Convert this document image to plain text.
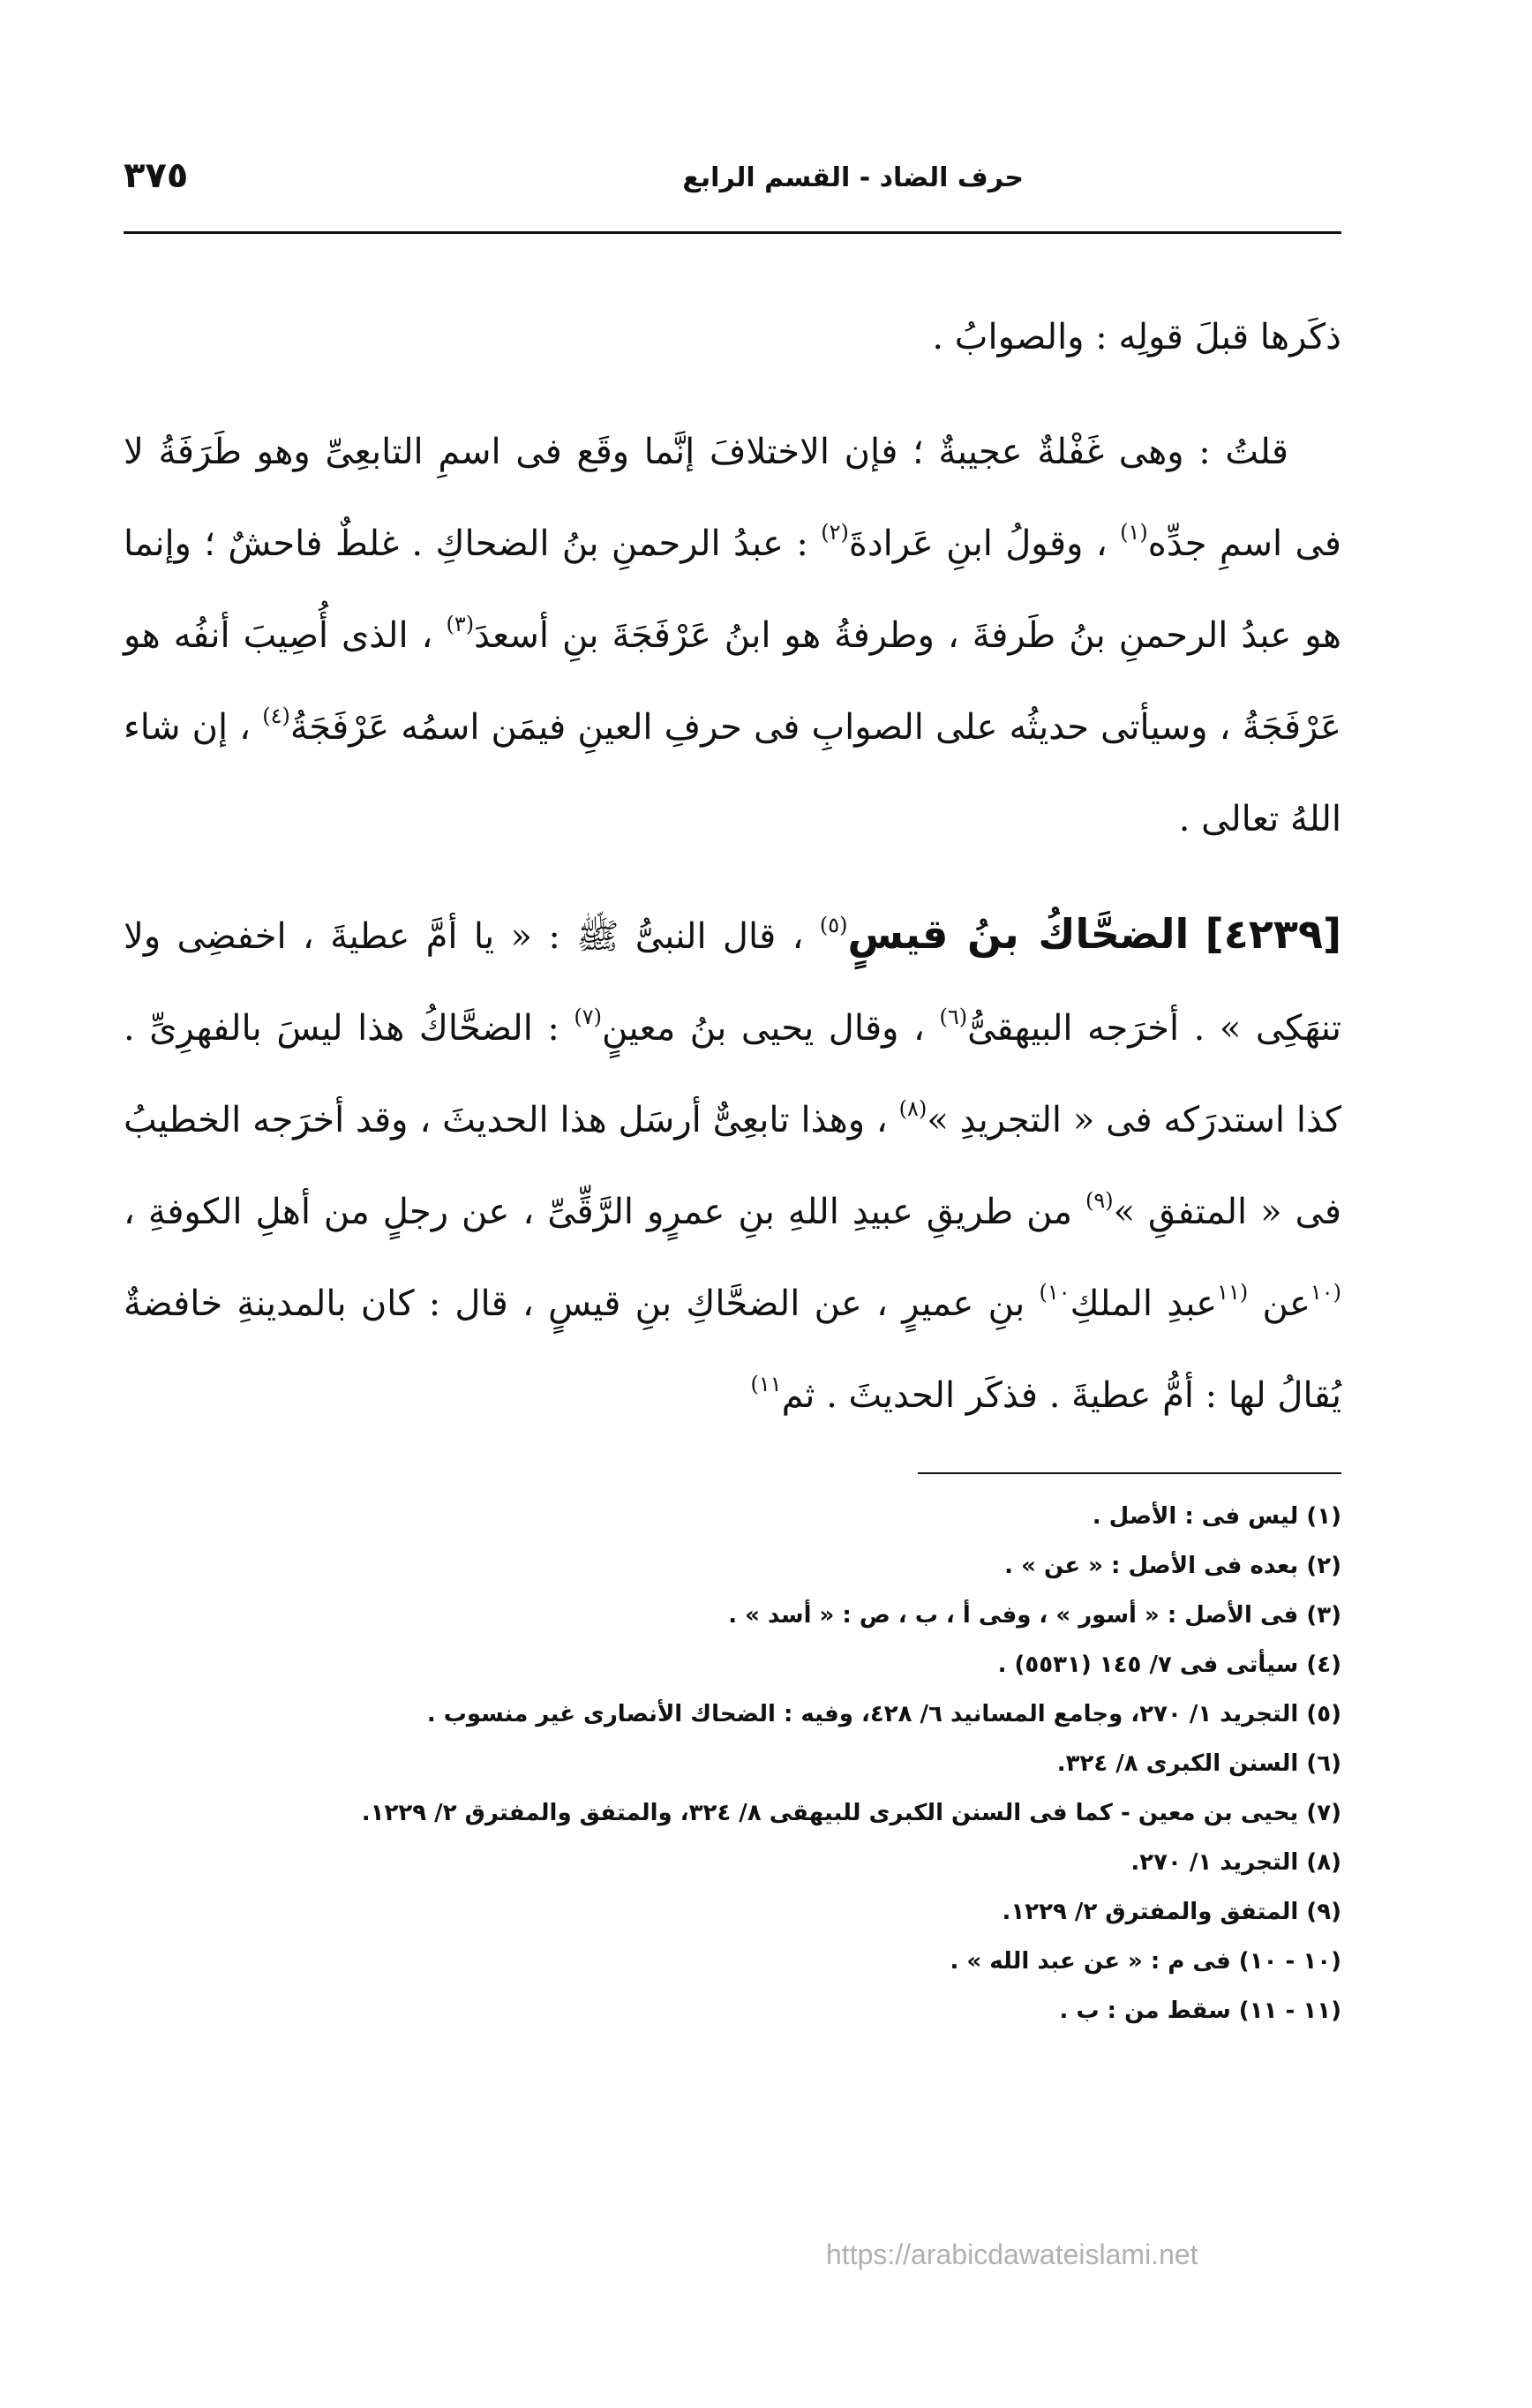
حرف الضاد - القسم الرابع
٣٧٥

ذكَرها قبلَ قولِه : والصوابُ .

قلتُ : وهى غَفْلةٌ عجيبةٌ ؛ فإن الاختلافَ إنَّما وقَع فى اسمِ التابعِىِّ وهو طَرَفَةُ لا فى اسمِ جدِّه$^{(١)}$ ، وقولُ ابنِ عَرادةَ$^{(٢)}$ : عبدُ الرحمنِ بنُ الضحاكِ . غلطٌ فاحشٌ ؛ وإنما هو عبدُ الرحمنِ بنُ طَرفةَ ، وطرفةُ هو ابنُ عَرْفَجَةَ بنِ أسعدَ$^{(٣)}$ ، الذى أُصِيبَ أنفُه هو عَرْفَجَةُ ، وسيأتى حديثُه على الصوابِ فى حرفِ العينِ فيمَن اسمُه عَرْفَجَةُ$^{(٤)}$ ، إن شاء اللهُ تعالى .

[٤٢٣٩] الضحَّاكُ بنُ قيسٍ$^{(٥)}$ ، قال النبىُّ ﷺ : « يا أمَّ عطيةَ ، اخفضِى ولا تنهَكِى » . أخرَجه البيهقىُّ$^{(٦)}$ ، وقال يحيى بنُ معينٍ$^{(٧)}$ : الضحَّاكُ هذا ليسَ بالفهرِىِّ . كذا استدرَكه فى « التجريدِ »$^{(٨)}$ ، وهذا تابعِىٌّ أرسَل هذا الحديثَ ، وقد أخرَجه الخطيبُ فى « المتفقِ »$^{(٩)}$ من طريقِ عبيدِ اللهِ بنِ عمرٍو الرَّقِّىِّ ، عن رجلٍ من أهلِ الكوفةِ ، $^{(١٠}$عن $^{(١١}$عبدِ الملكِ$^{١٠)}$ بنِ عميرٍ ، عن الضحَّاكِ بنِ قيسٍ ، قال : كان بالمدينةِ خافضةٌ يُقالُ لها : أمُّ عطيةَ . فذكَر الحديثَ . ثم$^{١١)}$

(١) ليس فى : الأصل .
(٢) بعده فى الأصل : « عن » .
(٣) فى الأصل : « أسور » ، وفى أ ، ب ، ص : « أسد » .
(٤) سيأتى فى ٧/ ١٤٥ (٥٥٣١) .
(٥) التجريد ١/ ٢٧٠، وجامع المسانيد ٦/ ٤٢٨، وفيه : الضحاك الأنصارى غير منسوب .
(٦) السنن الكبرى ٨/ ٣٢٤.
(٧) يحيى بن معين - كما فى السنن الكبرى للبيهقى ٨/ ٣٢٤، والمتفق والمفترق ٢/ ١٢٢٩.
(٨) التجريد ١/ ٢٧٠.
(٩) المتفق والمفترق ٢/ ١٢٢٩.
(١٠ - ١٠) فى م : « عن عبد الله » .
(١١ - ١١) سقط من : ب .
https://arabicdawateislami.net
